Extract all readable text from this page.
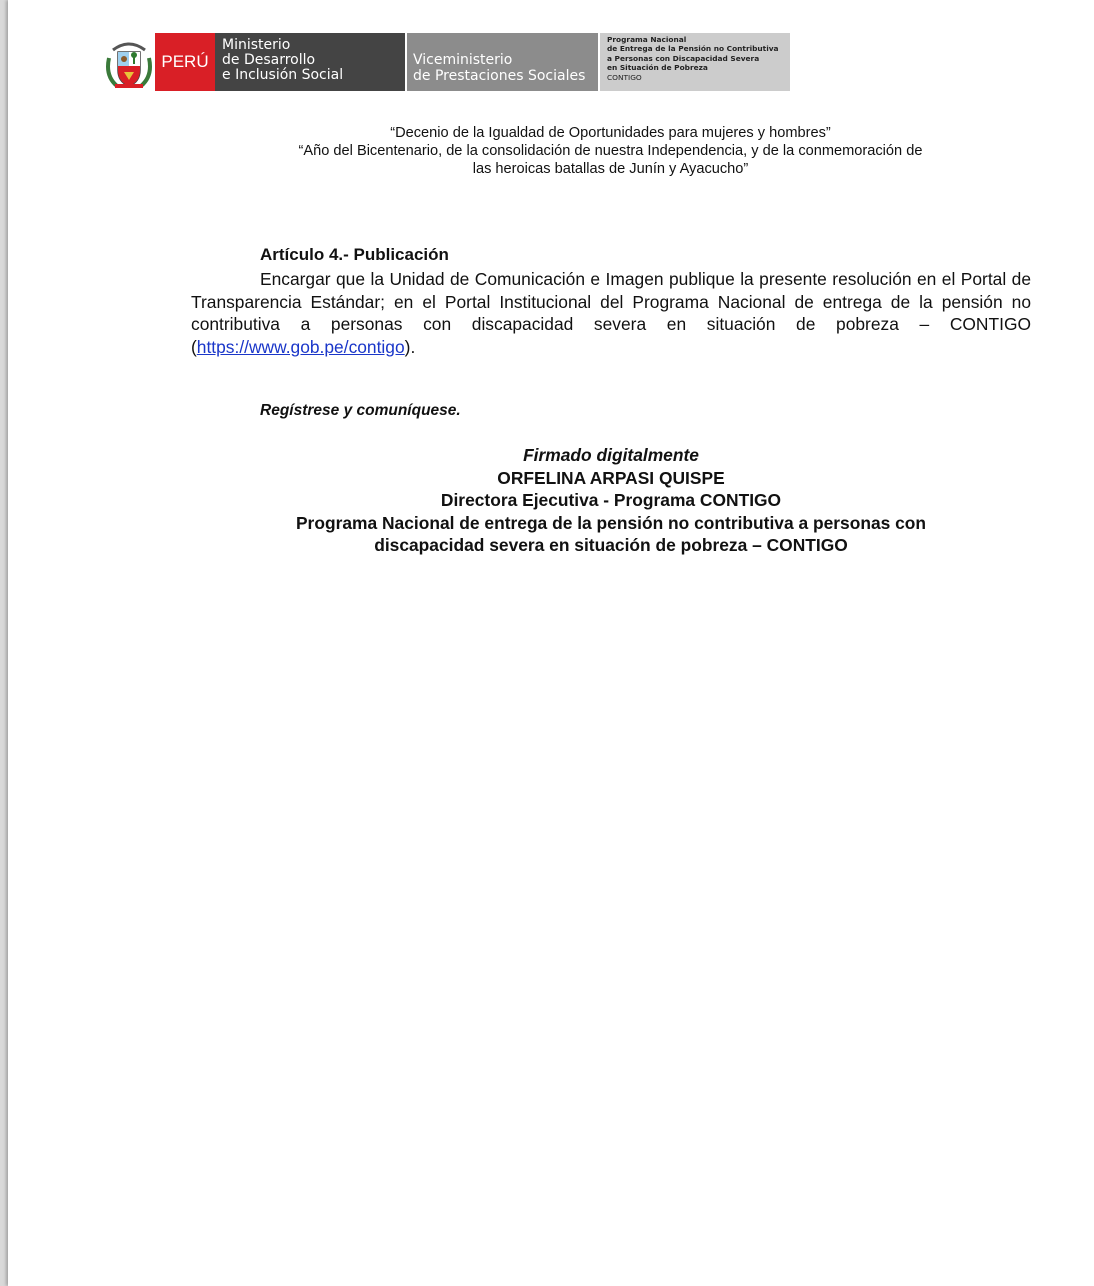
PERÚ
Ministerio
de Desarrollo
e Inclusión Social
Viceministerio
de Prestaciones Sociales
Programa Nacional
de Entrega de la Pensión no Contributiva
a Personas con Discapacidad Severa
en Situación de Pobreza
CONTIGO
“Decenio de la Igualdad de Oportunidades para mujeres y hombres”
“Año del Bicentenario, de la consolidación de nuestra Independencia, y de la conmemoración de
las heroicas batallas de Junín y Ayacucho”
Artículo 4.- Publicación
Encargar que la Unidad de Comunicación e Imagen publique la presente resolución en el Portal de Transparencia Estándar; en el Portal Institucional del Programa Nacional de entrega de la pensión no contributiva a personas con discapacidad severa en situación de pobreza – CONTIGO (https://www.gob.pe/contigo).
Regístrese y comuníquese.
Firmado digitalmente
ORFELINA ARPASI QUISPE
Directora Ejecutiva - Programa CONTIGO
Programa Nacional de entrega de la pensión no contributiva a personas con
discapacidad severa en situación de pobreza – CONTIGO
